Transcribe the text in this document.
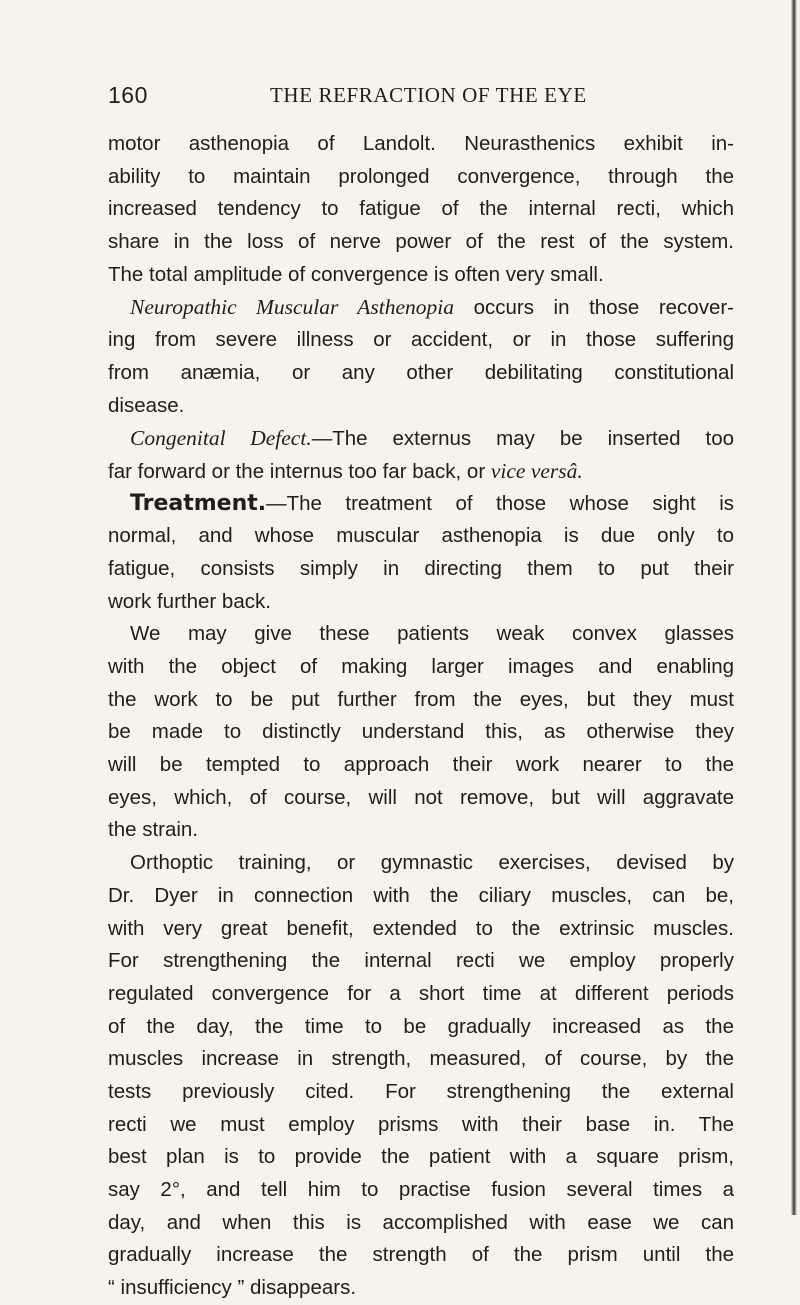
160	THE REFRACTION OF THE EYE
motor asthenopia of Landolt. Neurasthenics exhibit in-
ability to maintain prolonged convergence, through the
increased tendency to fatigue of the internal recti, which
share in the loss of nerve power of the rest of the system.
The total amplitude of convergence is often very small.
Neuropathic Muscular Asthenopia occurs in those recover-
ing from severe illness or accident, or in those suffering
from anæmia, or any other debilitating constitutional
disease.
Congenital Defect.—The externus may be inserted too
far forward or the internus too far back, or vice versâ.
Treatment.—The treatment of those whose sight is
normal, and whose muscular asthenopia is due only to
fatigue, consists simply in directing them to put their
work further back.
We may give these patients weak convex glasses
with the object of making larger images and enabling
the work to be put further from the eyes, but they must
be made to distinctly understand this, as otherwise they
will be tempted to approach their work nearer to the
eyes, which, of course, will not remove, but will aggravate
the strain.
Orthoptic training, or gymnastic exercises, devised by
Dr. Dyer in connection with the ciliary muscles, can be,
with very great benefit, extended to the extrinsic muscles.
For strengthening the internal recti we employ properly
regulated convergence for a short time at different periods
of the day, the time to be gradually increased as the
muscles increase in strength, measured, of course, by the
tests previously cited. For strengthening the external
recti we must employ prisms with their base in. The
best plan is to provide the patient with a square prism,
say 2°, and tell him to practise fusion several times a
day, and when this is accomplished with ease we can
gradually increase the strength of the prism until the
“ insufficiency ” disappears.
